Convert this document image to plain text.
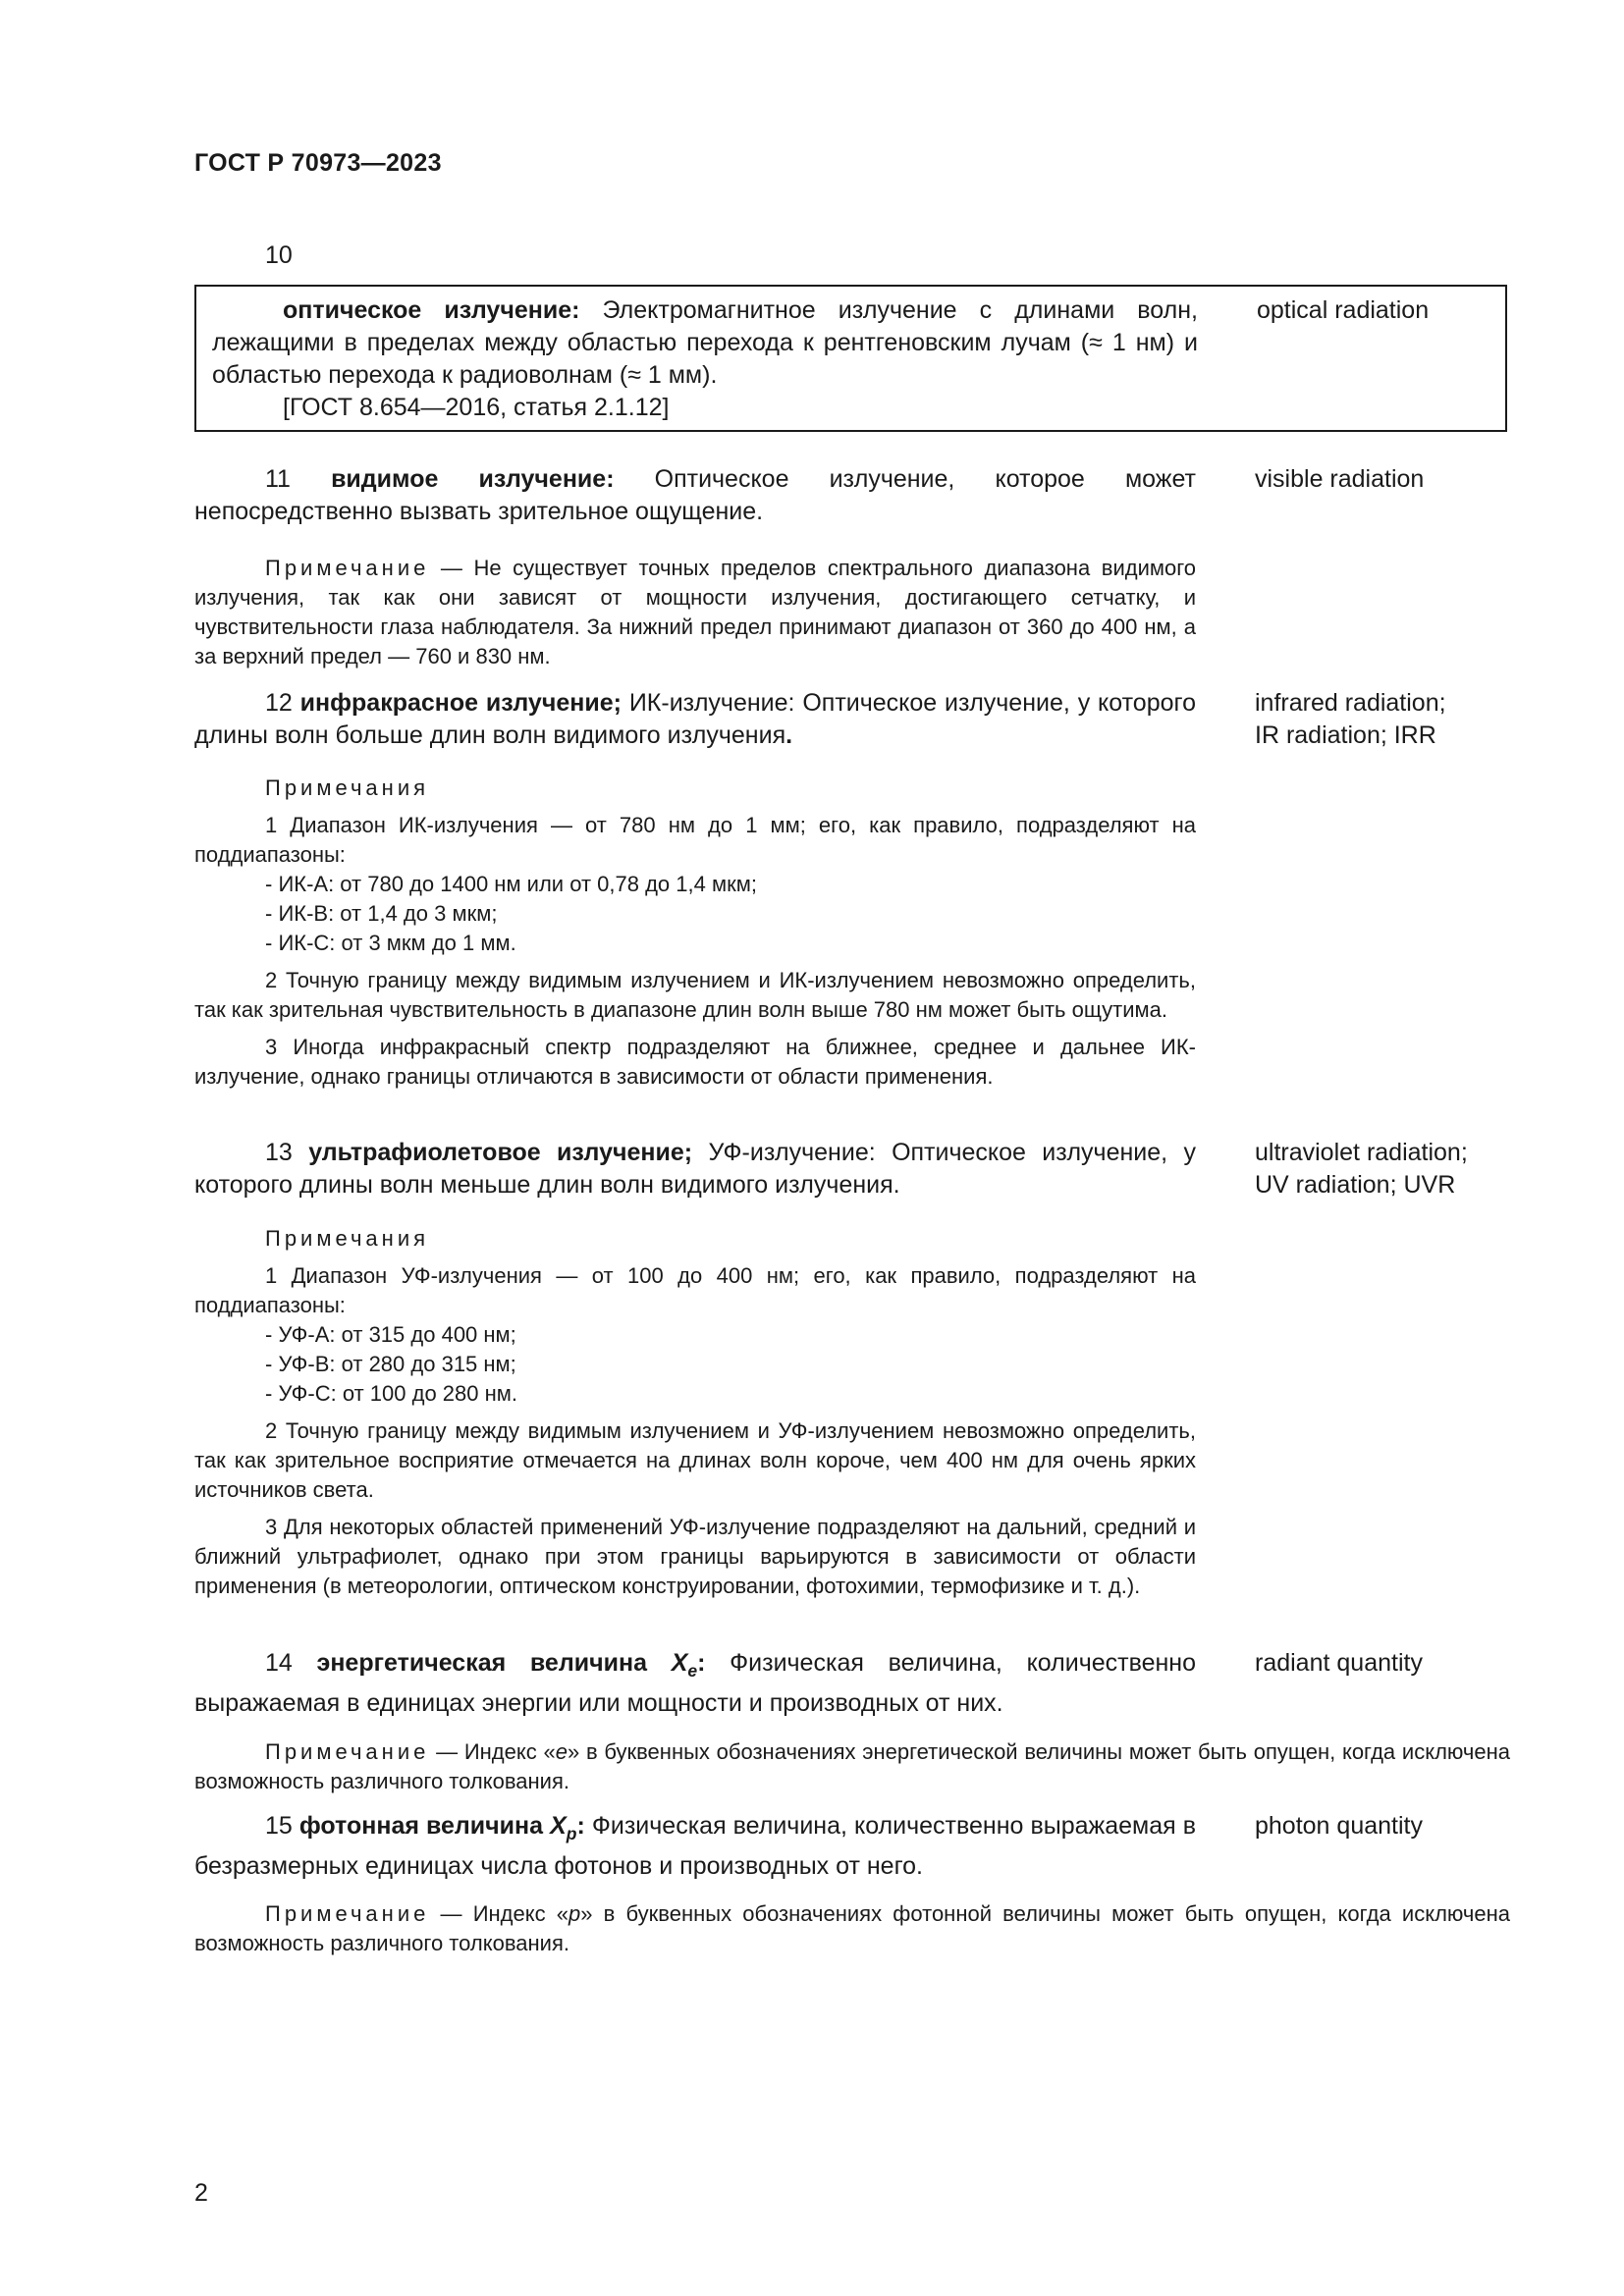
ГОСТ Р 70973—2023
10

оптическое излучение: Электромагнитное излучение с длинами волн, лежащими в пределах между областью перехода к рентгеновским лучам (≈ 1 нм) и областью перехода к радиоволнам (≈ 1 мм).

[ГОСТ 8.654—2016, статья 2.1.12]

optical radiation

11 видимое излучение: Оптическое излучение, которое может непосредственно вызвать зрительное ощущение.

visible radiation

Примечание — Не существует точных пределов спектрального диапазона видимого излучения, так как они зависят от мощности излучения, достигающего сетчатку, и чувствительности глаза наблюдателя. За нижний предел принимают диапазон от 360 до 400 нм, а за верхний предел — 760 и 830 нм.

12 инфракрасное излучение; ИК-излучение: Оптическое излучение, у которого длины волн больше длин волн видимого излучения.

infrared radiation;
IR radiation; IRR

Примечания

1 Диапазон ИК-излучения — от 780 нм до 1 мм; его, как правило, подразделяют на поддиапазоны:

- ИК-А: от 780 до 1400 нм или от 0,78 до 1,4 мкм;
- ИК-В: от 1,4 до 3 мкм;
- ИК-С: от 3 мкм до 1 мм.

2 Точную границу между видимым излучением и ИК-излучением невозможно определить, так как зрительная чувствительность в диапазоне длин волн выше 780 нм может быть ощутима.

3 Иногда инфракрасный спектр подразделяют на ближнее, среднее и дальнее ИК-излучение, однако границы отличаются в зависимости от области применения.

13 ультрафиолетовое излучение; УФ-излучение: Оптическое излучение, у которого длины волн меньше длин волн видимого излучения.

ultraviolet radiation;
UV radiation; UVR

Примечания

1 Диапазон УФ-излучения — от 100 до 400 нм; его, как правило, подразделяют на поддиапазоны:

- УФ-А: от 315 до 400 нм;
- УФ-В: от 280 до 315 нм;
- УФ-С: от 100 до 280 нм.

2 Точную границу между видимым излучением и УФ-излучением невозможно определить, так как зрительное восприятие отмечается на длинах волн короче, чем 400 нм для очень ярких источников света.

3 Для некоторых областей применений УФ-излучение подразделяют на дальний, средний и ближний ультрафиолет, однако при этом границы варьируются в зависимости от области применения (в метеорологии, оптическом конструировании, фотохимии, термофизике и т. д.).

14 энергетическая величина $X_e$: Физическая величина, количественно выражаемая в единицах энергии или мощности и производных от них.

radiant quantity

Примечание — Индекс «e» в буквенных обозначениях энергетической величины может быть опущен, когда исключена возможность различного толкования.

15 фотонная величина $X_p$: Физическая величина, количественно выражаемая в безразмерных единицах числа фотонов и производных от него.

photon quantity

Примечание — Индекс «p» в буквенных обозначениях фотонной величины может быть опущен, когда исключена возможность различного толкования.

2
